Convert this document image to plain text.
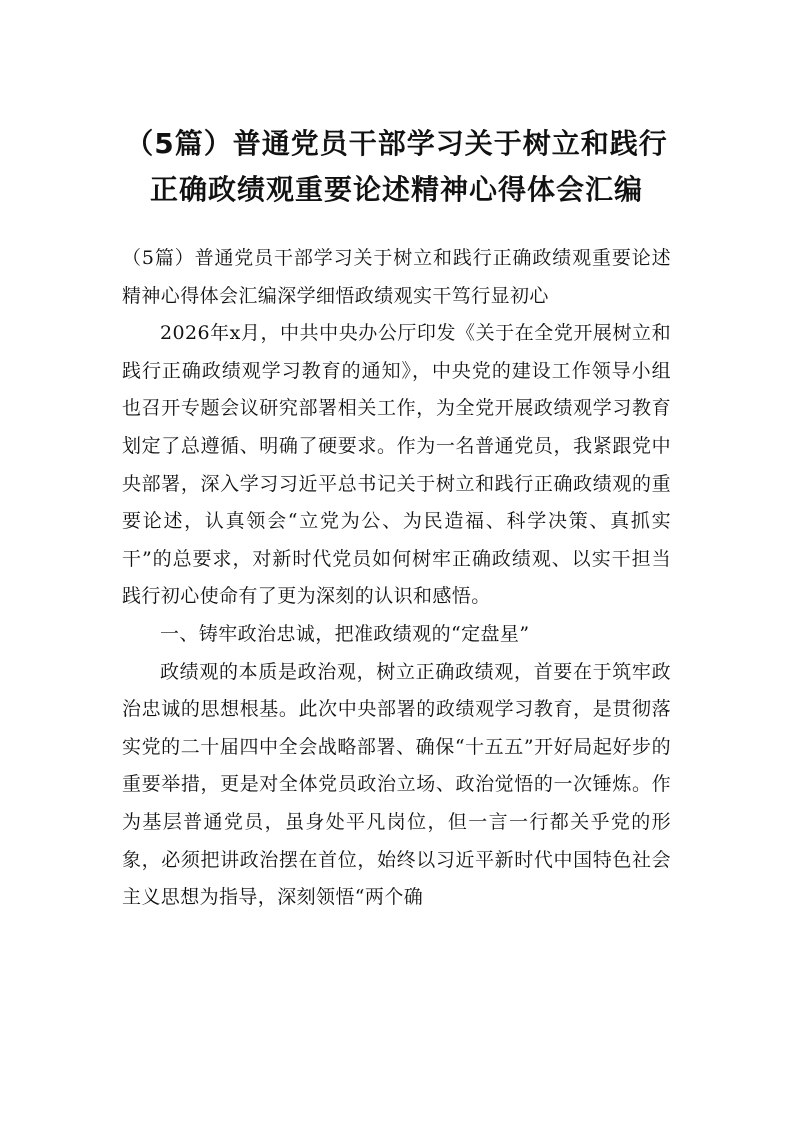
（5篇）普通党员干部学习关于树立和践行
正确政绩观重要论述精神心得体会汇编

（5篇）普通党员干部学习关于树立和践行正确政绩观重要论述精神心得体会汇编深学细悟政绩观实干笃行显初心

2026年x月，中共中央办公厅印发《关于在全党开展树立和践行正确政绩观学习教育的通知》，中央党的建设工作领导小组也召开专题会议研究部署相关工作，为全党开展政绩观学习教育划定了总遵循、明确了硬要求。作为一名普通党员，我紧跟党中央部署，深入学习习近平总书记关于树立和践行正确政绩观的重要论述，认真领会“立党为公、为民造福、科学决策、真抓实干”的总要求，对新时代党员如何树牢正确政绩观、以实干担当践行初心使命有了更为深刻的认识和感悟。

一、铸牢政治忠诚，把准政绩观的“定盘星”

政绩观的本质是政治观，树立正确政绩观，首要在于筑牢政治忠诚的思想根基。此次中央部署的政绩观学习教育，是贯彻落实党的二十届四中全会战略部署、确保“十五五”开好局起好步的重要举措，更是对全体党员政治立场、政治觉悟的一次锤炼。作为基层普通党员，虽身处平凡岗位，但一言一行都关乎党的形象，必须把讲政治摆在首位，始终以习近平新时代中国特色社会主义思想为指导，深刻领悟“两个确
